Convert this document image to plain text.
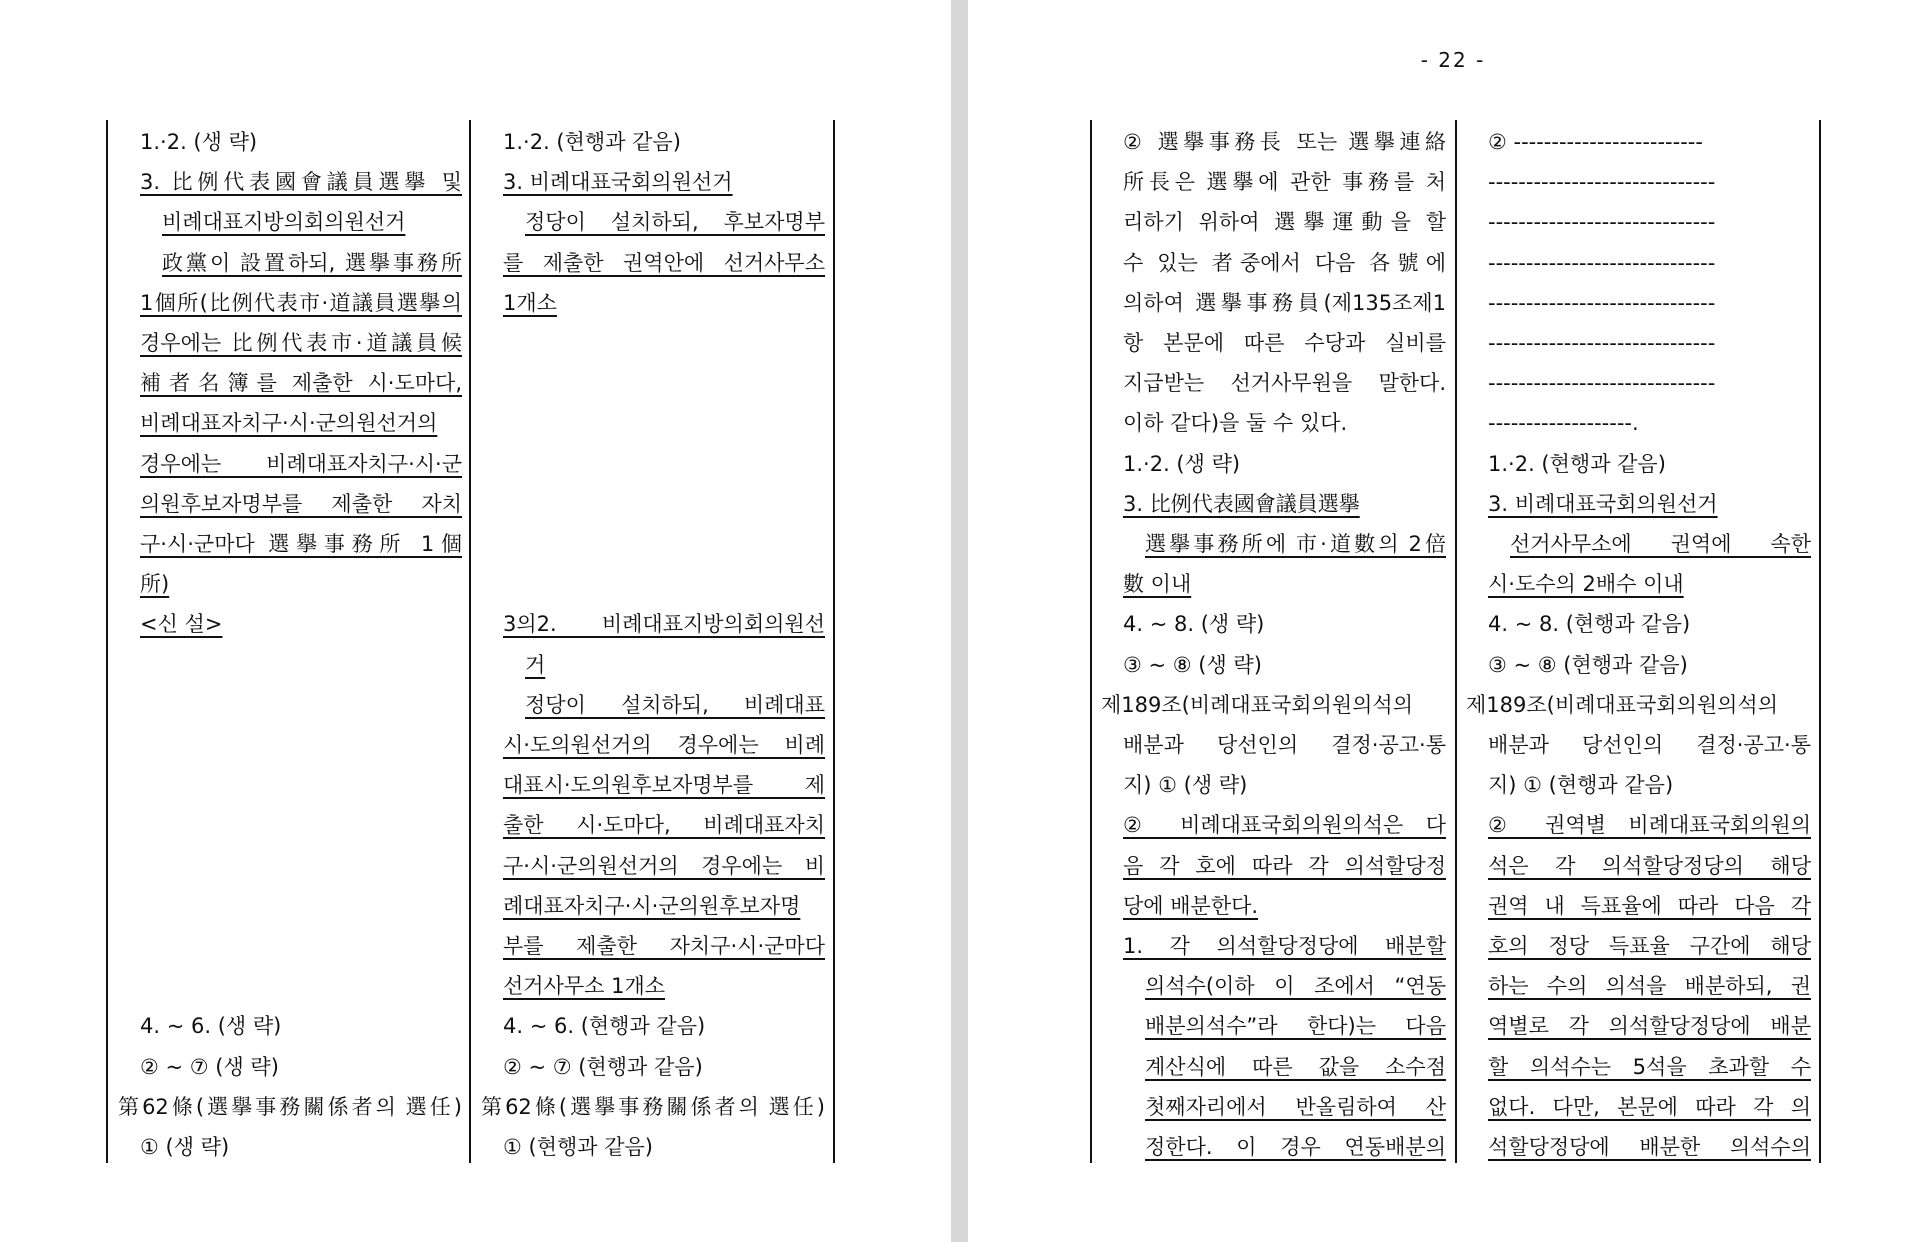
- 22 -
1.·2. (생 략)
3. 比例代表國會議員選擧 및
비례대표지방의회의원선거
政黨이 設置하되, 選擧事務所
1個所(比例代表市·道議員選擧의
경우에는 比例代表市·道議員候
補者名簿를 제출한 시·도마다,
비례대표자치구·시·군의원선거의
경우에는 비례대표자치구·시·군
의원후보자명부를 제출한 자치
구·시·군마다 選擧事務所 1個
所)
<신 설>
4. ~ 6. (생 략)
② ~ ⑦ (생 략)
第62條(選擧事務關係者의 選任)
① (생 략)
1.·2. (현행과 같음)
3. 비례대표국회의원선거
정당이 설치하되, 후보자명부
를 제출한 권역안에 선거사무소
1개소
3의2. 비례대표지방의회의원선
거
정당이 설치하되, 비례대표
시·도의원선거의 경우에는 비례
대표시·도의원후보자명부를 제
출한 시·도마다, 비례대표자치
구·시·군의원선거의 경우에는 비
례대표자치구·시·군의원후보자명
부를 제출한 자치구·시·군마다
선거사무소 1개소
4. ~ 6. (현행과 같음)
② ~ ⑦ (현행과 같음)
第62條(選擧事務關係者의 選任)
① (현행과 같음)
② 選擧事務長 또는 選擧連絡
所長은 選擧에 관한 事務를 처
리하기 위하여 選擧運動을 할
수 있는 者중에서 다음 各號에
의하여 選擧事務員(제135조제1
항 본문에 따른 수당과 실비를
지급받는 선거사무원을 말한다.
이하 같다)을 둘 수 있다.
1.·2. (생 략)
3. 比例代表國會議員選擧
選擧事務所에 市·道數의 2倍
數 이내
4. ~ 8. (생 략)
③ ~ ⑧ (생 략)
제189조(비례대표국회의원의석의
배분과 당선인의 결정·공고·통
지) ① (생 략)
② 비례대표국회의원의석은 다
음 각 호에 따라 각 의석할당정
당에 배분한다.
1. 각 의석할당정당에 배분할
의석수(이하 이 조에서 “연동
배분의석수”라 한다)는 다음
계산식에 따른 값을 소수점
첫째자리에서 반올림하여 산
정한다. 이 경우 연동배분의
② -------------------------
------------------------------
------------------------------
------------------------------
------------------------------
------------------------------
------------------------------
-------------------.
1.·2. (현행과 같음)
3. 비례대표국회의원선거
선거사무소에 권역에 속한
시·도수의 2배수 이내
4. ~ 8. (현행과 같음)
③ ~ ⑧ (현행과 같음)
제189조(비례대표국회의원의석의
배분과 당선인의 결정·공고·통
지) ① (현행과 같음)
② 권역별 비례대표국회의원의
석은 각 의석할당정당의 해당
권역 내 득표율에 따라 다음 각
호의 정당 득표율 구간에 해당
하는 수의 의석을 배분하되, 권
역별로 각 의석할당정당에 배분
할 의석수는 5석을 초과할 수
없다. 다만, 본문에 따라 각 의
석할당정당에 배분한 의석수의
